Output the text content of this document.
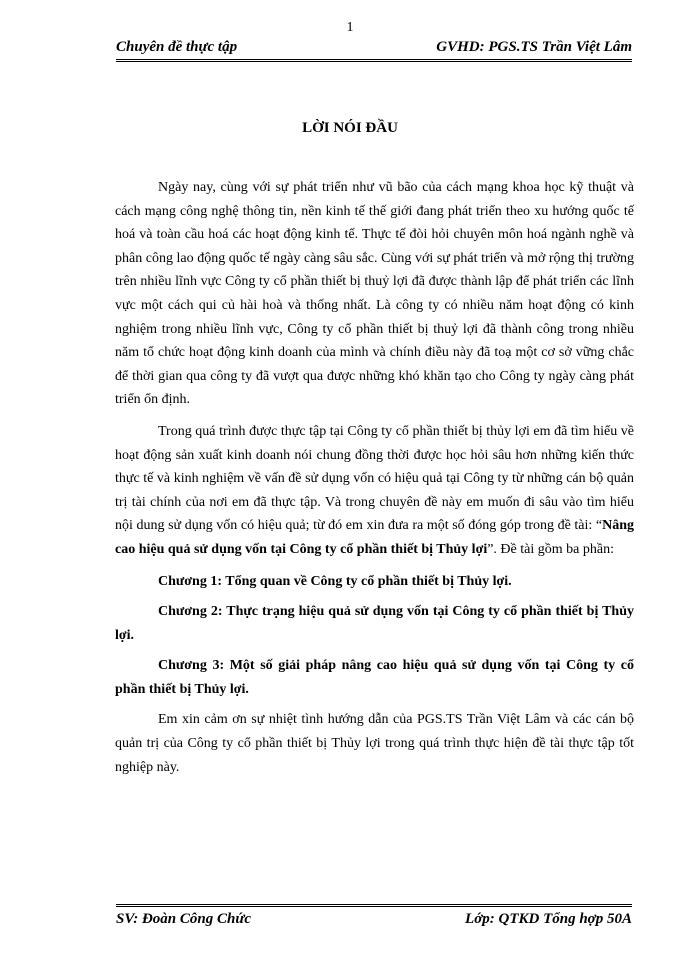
1
Chuyên đề thực tập	GVHD: PGS.TS Trần Việt Lâm
LỜI NÓI ĐẦU

Ngày nay, cùng với sự phát triển như vũ bão của cách mạng khoa học kỹ thuật và cách mạng công nghệ thông tin, nền kinh tế thế giới đang phát triển theo xu hướng quốc tế hoá và toàn cầu hoá các hoạt động kinh tế. Thực tế đòi hỏi chuyên môn hoá ngành nghề và phân công lao động quốc tế ngày càng sâu sắc. Cùng với sự phát triển và mở rộng thị trường trên nhiều lĩnh vực Công ty cổ phần thiết bị thuỷ lợi đã được thành lập để phát triển các lĩnh vực một cách qui củ hài hoà và thống nhất. Là công ty có nhiều năm hoạt động có kinh nghiệm trong nhiều lĩnh vực, Công ty cổ phần thiết bị thuỷ lợi đã thành công trong nhiều năm tổ chức hoạt động kinh doanh của mình và chính điều này đã toạ một cơ sở vững chắc để thời gian qua công ty đã vượt qua được những khó khăn tạo cho Công ty ngày càng phát triển ổn định.

Trong quá trình được thực tập tại Công ty cổ phần thiết bị thủy lợi em đã tìm hiểu về hoạt động sản xuất kinh doanh nói chung đồng thời được học hỏi sâu hơn những kiến thức thực tế và kinh nghiệm về vấn đề sử dụng vốn có hiệu quả tại Công ty từ những cán bộ quản trị tài chính của nơi em đã thực tập. Và trong chuyên đề này em muốn đi sâu vào tìm hiểu nội dung sử dụng vốn có hiệu quả; từ đó em xin đưa ra một số đóng góp trong đề tài: “Nâng cao hiệu quả sử dụng vốn tại Công ty cổ phần thiết bị Thủy lợi”. Đề tài gồm ba phần:

Chương 1: Tổng quan về Công ty cổ phần thiết bị Thủy lợi.

Chương 2: Thực trạng hiệu quả sử dụng vốn tại Công ty cổ phần thiết bị Thủy lợi.

Chương 3: Một số giải pháp nâng cao hiệu quả sử dụng vốn tại Công ty cổ phần thiết bị Thủy lợi.

Em xin cảm ơn sự nhiệt tình hướng dẫn của PGS.TS Trần Việt Lâm và các cán bộ quản trị của Công ty cổ phần thiết bị Thủy lợi trong quá trình thực hiện đề tài thực tập tốt nghiệp này.

SV: Đoàn Công Chức	Lớp: QTKD Tổng hợp 50A
